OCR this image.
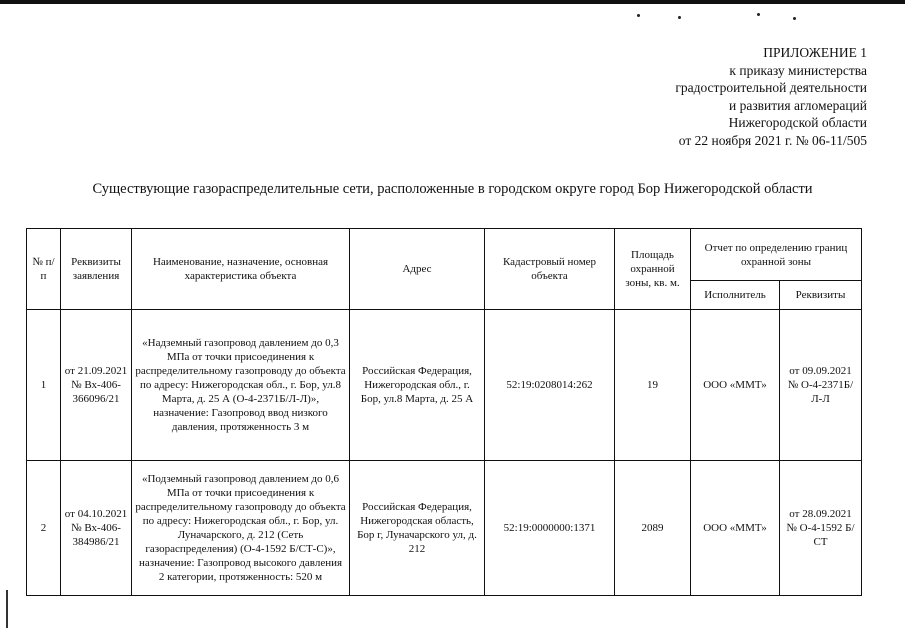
ПРИЛОЖЕНИЕ 1
к приказу министерства
градостроительной деятельности
и развития агломераций
Нижегородской области
от 22 ноября 2021 г. № 06-11/505
Существующие газораспределительные сети, расположенные в городском округе город Бор Нижегородской области
№ п/п	Реквизиты заявления	Наименование, назначение, основная характеристика объекта	Адрес	Кадастровый номер объекта	Площадь охранной зоны, кв. м.	Отчет по определению границ охранной зоны	
						Исполнитель	Реквизиты
1	от 21.09.2021 № Вх-406-366096/21	«Надземный газопровод давлением до 0,3 МПа от точки присоединения к распределительному газопроводу до объекта по адресу: Нижегородская обл., г. Бор, ул.8 Марта, д. 25 А (О-4-2371Б/Л-Л)», назначение: Газопровод ввод низкого давления, протяженность 3 м	Российская Федерация, Нижегородская обл., г. Бор, ул.8 Марта, д. 25 А	52:19:0208014:262	19	ООО «ММТ»	от 09.09.2021 № О-4-2371Б/Л-Л
2	от 04.10.2021 № Вх-406-384986/21	«Подземный газопровод давлением до 0,6 МПа от точки присоединения к распределительному газопроводу до объекта по адресу: Нижегородская обл., г. Бор, ул. Луначарского, д. 212 (Сеть газораспределения) (О-4-1592 Б/СТ-С)», назначение: Газопровод высокого давления 2 категории, протяженность: 520 м	Российская Федерация, Нижегородская область, Бор г, Луначарского ул, д. 212	52:19:0000000:1371	2089	ООО «ММТ»	от 28.09.2021 № О-4-1592 Б/СТ
